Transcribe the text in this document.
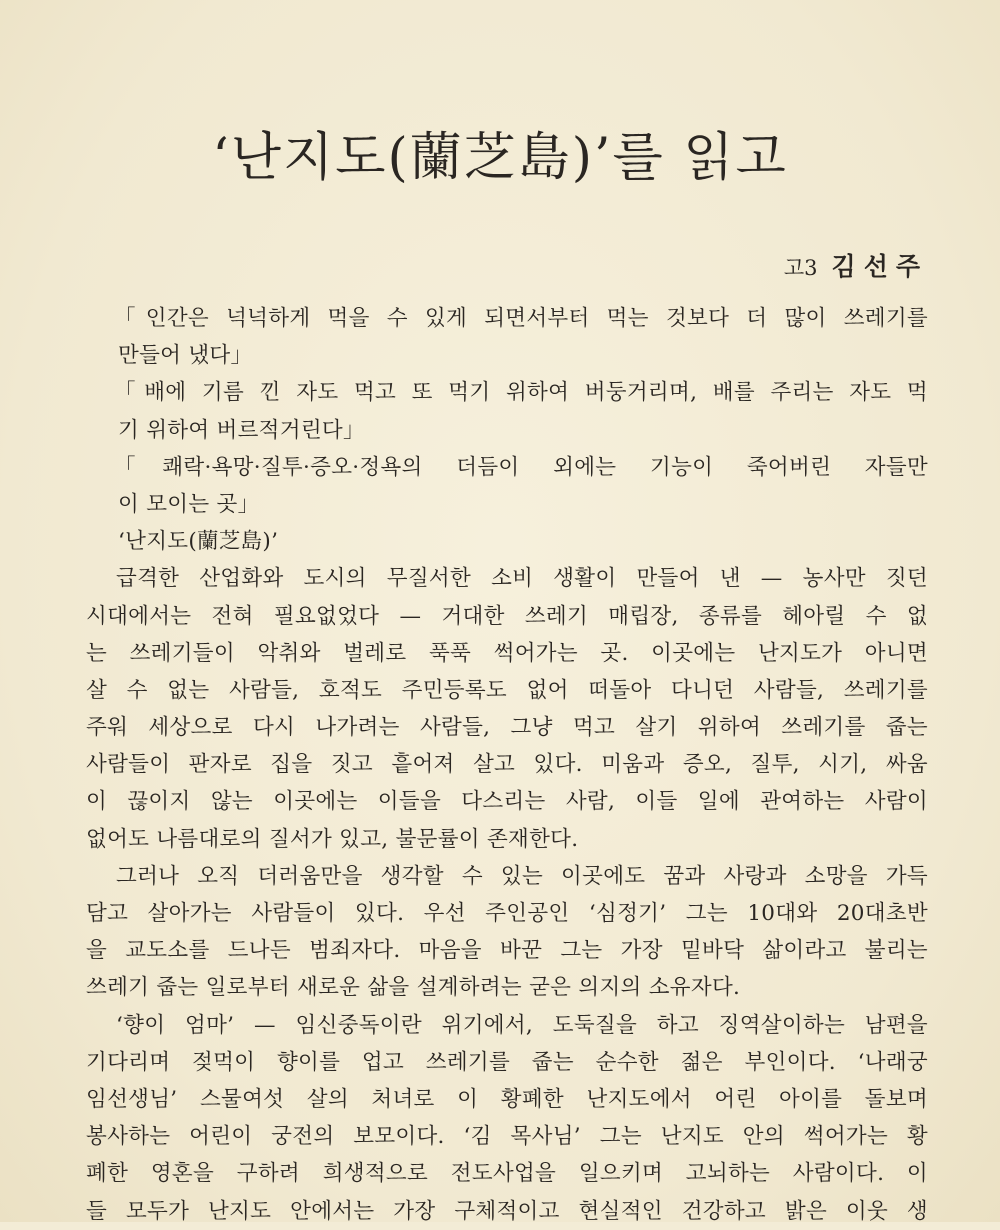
‘난지도(蘭芝島)’를 읽고
고3 김선주
「인간은 넉넉하게 먹을 수 있게 되면서부터 먹는 것보다 더 많이 쓰레기를
만들어 냈다」
「배에 기름 낀 자도 먹고 또 먹기 위하여 버둥거리며, 배를 주리는 자도 먹
기 위하여 버르적거린다」
「쾌락·욕망·질투·증오·정욕의 더듬이 외에는 기능이 죽어버린 자들만
이 모이는 곳」
‘난지도(蘭芝島)’
급격한 산업화와 도시의 무질서한 소비 생활이 만들어 낸 — 농사만 짓던
시대에서는 전혀 필요없었다 — 거대한 쓰레기 매립장, 종류를 헤아릴 수 없
는 쓰레기들이 악취와 벌레로 푹푹 썩어가는 곳. 이곳에는 난지도가 아니면
살 수 없는 사람들, 호적도 주민등록도 없어 떠돌아 다니던 사람들, 쓰레기를
주워 세상으로 다시 나가려는 사람들, 그냥 먹고 살기 위하여 쓰레기를 줍는
사람들이 판자로 집을 짓고 흩어져 살고 있다. 미움과 증오, 질투, 시기, 싸움
이 끊이지 않는 이곳에는 이들을 다스리는 사람, 이들 일에 관여하는 사람이
없어도 나름대로의 질서가 있고, 불문률이 존재한다.
그러나 오직 더러움만을 생각할 수 있는 이곳에도 꿈과 사랑과 소망을 가득
담고 살아가는 사람들이 있다. 우선 주인공인 ‘심정기’ 그는 10대와 20대초반
을 교도소를 드나든 범죄자다. 마음을 바꾼 그는 가장 밑바닥 삶이라고 불리는
쓰레기 줍는 일로부터 새로운 삶을 설계하려는 굳은 의지의 소유자다.
‘향이 엄마’ — 임신중독이란 위기에서, 도둑질을 하고 징역살이하는 남편을
기다리며 젖먹이 향이를 업고 쓰레기를 줍는 순수한 젊은 부인이다. ‘나래궁
임선생님’ 스물여섯 살의 처녀로 이 황폐한 난지도에서 어린 아이를 돌보며
봉사하는 어린이 궁전의 보모이다. ‘김 목사님’ 그는 난지도 안의 썩어가는 황
폐한 영혼을 구하려 희생적으로 전도사업을 일으키며 고뇌하는 사람이다. 이
들 모두가 난지도 안에서는 가장 구체적이고 현실적인 건강하고 밝은 이웃 생
